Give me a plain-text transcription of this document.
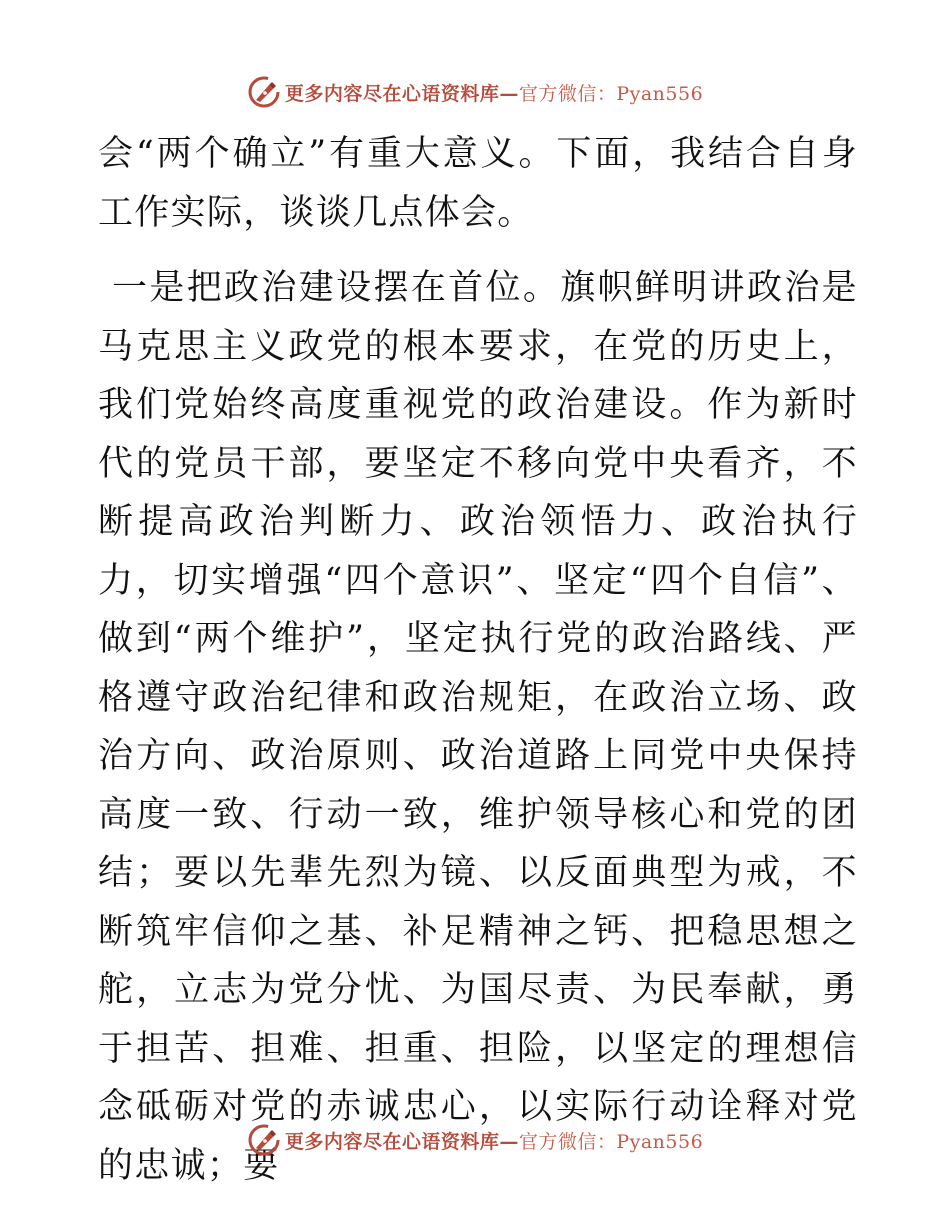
更多内容尽在心语资料库—官方微信：Pyan556

会“两个确立”有重大意义。下面，我结合自身工作实际，谈谈几点体会。

一是把政治建设摆在首位。旗帜鲜明讲政治是马克思主义政党的根本要求，在党的历史上，我们党始终高度重视党的政治建设。作为新时代的党员干部，要坚定不移向党中央看齐，不断提高政治判断力、政治领悟力、政治执行力，切实增强“四个意识”、坚定“四个自信”、做到“两个维护”，坚定执行党的政治路线、严格遵守政治纪律和政治规矩，在政治立场、政治方向、政治原则、政治道路上同党中央保持高度一致、行动一致，维护领导核心和党的团结；要以先辈先烈为镜、以反面典型为戒，不断筑牢信仰之基、补足精神之钙、把稳思想之舵，立志为党分忧、为国尽责、为民奉献，勇于担苦、担难、担重、担险，以坚定的理想信念砥砺对党的赤诚忠心，以实际行动诠释对党的忠诚；要

更多内容尽在心语资料库—官方微信：Pyan556
